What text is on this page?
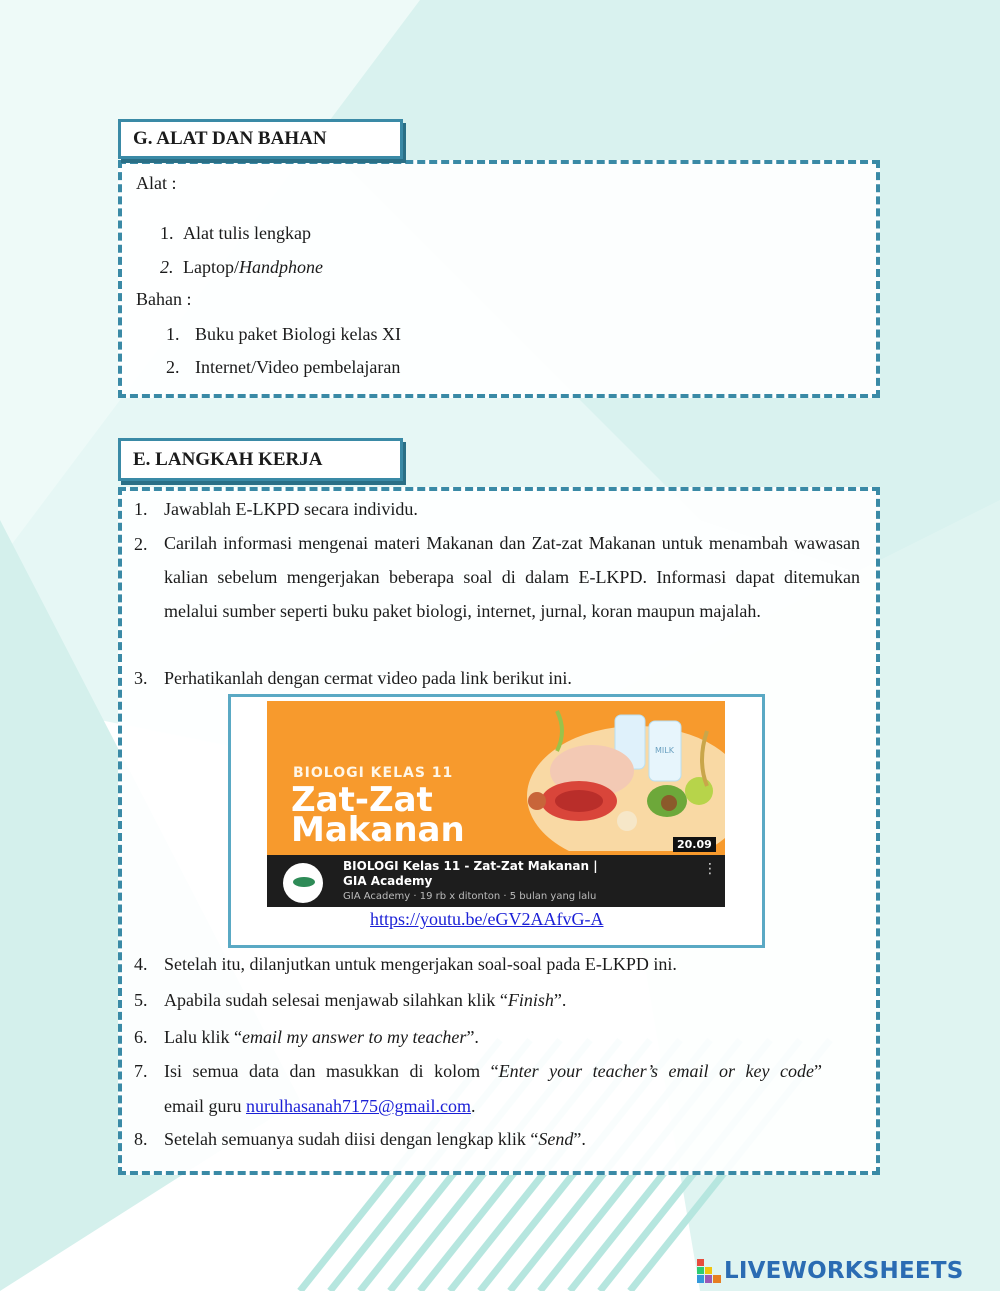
G. ALAT DAN BAHAN
Alat :
1. Alat tulis lengkap
2. Laptop/Handphone
Bahan :
1. Buku paket Biologi kelas XI
2. Internet/Video pembelajaran
E. LANGKAH KERJA
1. Jawablah E-LKPD secara individu.
2. Carilah informasi mengenai materi Makanan dan Zat-zat Makanan untuk menambah wawasan kalian sebelum mengerjakan beberapa soal di dalam E-LKPD. Informasi dapat ditemukan melalui sumber seperti buku paket biologi, internet, jurnal, koran maupun majalah.
3. Perhatikanlah dengan cermat video pada link berikut ini.
MILK
BIOLOGI KELAS 11
Zat-Zat
Makanan	20.09
BIOLOGI Kelas 11 - Zat-Zat Makanan |
GIA Academy
GIA Academy · 19 rb x ditonton · 5 bulan yang lalu
⋮
https://youtu.be/eGV2AAfvG-A
4. Setelah itu, dilanjutkan untuk mengerjakan soal-soal pada E-LKPD ini.
5. Apabila sudah selesai menjawab silahkan klik “Finish”.
6. Lalu klik “email my answer to my teacher”.
7. Isi semua data dan masukkan di kolom “Enter your teacher’s email or key code”
email guru nurulhasanah7175@gmail.com.
8. Setelah semuanya sudah diisi dengan lengkap klik “Send”.
LIVEWORKSHEETS
